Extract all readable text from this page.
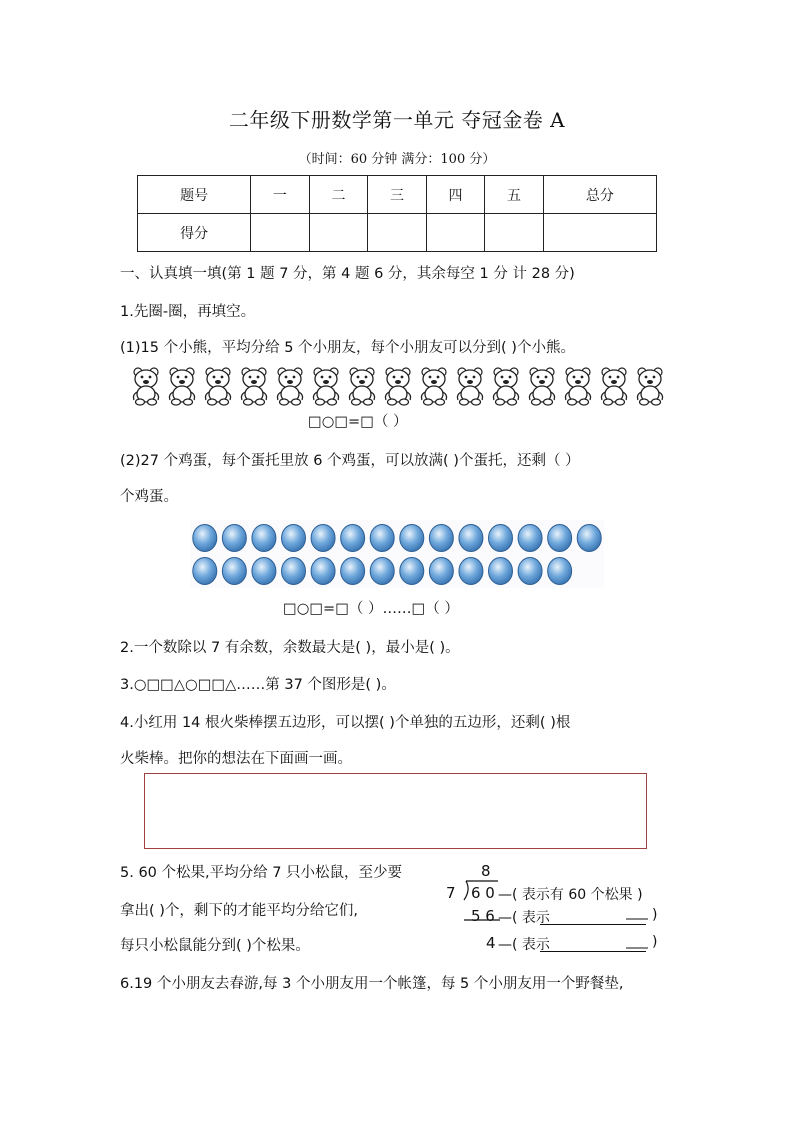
二年级下册数学第一单元 夺冠金卷 A
（时间：60 分钟 满分：100 分）
题号	一	二	三	四	五	总分
得分						
一、认真填一填(第 1 题 7 分，第 4 题 6 分，其余每空 1 分 计 28 分)
1.先圈-圈，再填空。
(1)15 个小熊，平均分给 5 个小朋友，每个小朋友可以分到( )个小熊。
□○□=□（ ）
(2)27 个鸡蛋，每个蛋托里放 6 个鸡蛋，可以放满( )个蛋托，还剩（ ）
个鸡蛋。
□○□=□（ ）……□（ ）
2.一个数除以 7 有余数，余数最大是( )，最小是( )。
3.○□□△○□□△……第 37 个图形是( )。
4.小红用 14 根火柴棒摆五边形，可以摆( )个单独的五边形，还剩( )根
火柴棒。把你的想法在下面画一画。
5. 60 个松果,平均分给 7 只小松鼠，至少要
拿出( )个，剩下的才能平均分给它们,
每只小松鼠能分到( )个松果。
8
7 6 0 —( 表示有 60 个松果 )
5 6 —( 表示	)
4 —( 表示	)
6.19 个小朋友去春游,每 3 个小朋友用一个帐篷，每 5 个小朋友用一个野餐垫,
